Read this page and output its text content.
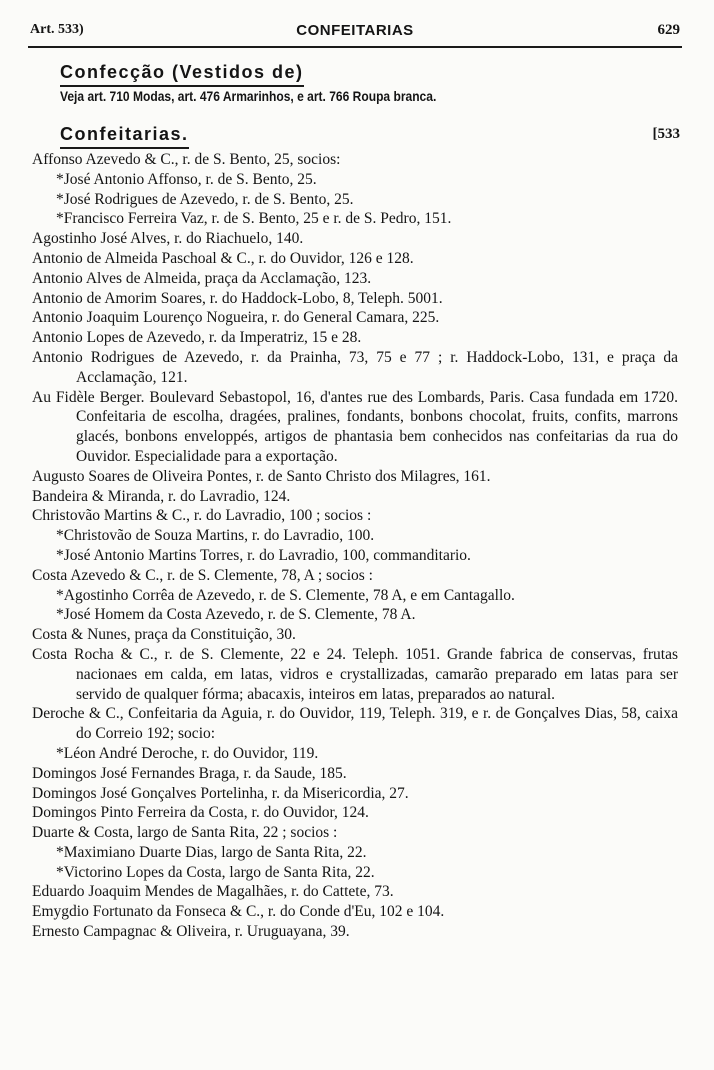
Art. 533)	CONFEITARIAS	629
Confecção (Vestidos de)
Veja art. 710 Modas, art. 476 Armarinhos, e art. 766 Roupa branca.
Confeitarias.	[533
Affonso Azevedo & C., r. de S. Bento, 25, socios:
*José Antonio Affonso, r. de S. Bento, 25.
*José Rodrigues de Azevedo, r. de S. Bento, 25.
*Francisco Ferreira Vaz, r. de S. Bento, 25 e r. de S. Pedro, 151.
Agostinho José Alves, r. do Riachuelo, 140.
Antonio de Almeida Paschoal & C., r. do Ouvidor, 126 e 128.
Antonio Alves de Almeida, praça da Acclamação, 123.
Antonio de Amorim Soares, r. do Haddock-Lobo, 8, Teleph. 5001.
Antonio Joaquim Lourenço Nogueira, r. do General Camara, 225.
Antonio Lopes de Azevedo, r. da Imperatriz, 15 e 28.
Antonio Rodrigues de Azevedo, r. da Prainha, 73, 75 e 77 ; r. Haddock-Lobo, 131, e praça da Acclamação, 121.
Au Fidèle Berger. Boulevard Sebastopol, 16, d'antes rue des Lombards, Paris. Casa fundada em 1720. Confeitaria de escolha, dragées, pralines, fondants, bonbons chocolat, fruits, confits, marrons glacés, bonbons enveloppés, artigos de phantasia bem conhecidos nas confeitarias da rua do Ouvidor. Especialidade para a exportação.
Augusto Soares de Oliveira Pontes, r. de Santo Christo dos Milagres, 161.
Bandeira & Miranda, r. do Lavradio, 124.
Christovão Martins & C., r. do Lavradio, 100 ; socios :
*Christovão de Souza Martins, r. do Lavradio, 100.
*José Antonio Martins Torres, r. do Lavradio, 100, commanditario.
Costa Azevedo & C., r. de S. Clemente, 78, A ; socios :
*Agostinho Corrêa de Azevedo, r. de S. Clemente, 78 A, e em Cantagallo.
*José Homem da Costa Azevedo, r. de S. Clemente, 78 A.
Costa & Nunes, praça da Constituição, 30.
Costa Rocha & C., r. de S. Clemente, 22 e 24. Teleph. 1051. Grande fabrica de conservas, frutas nacionaes em calda, em latas, vidros e crystallizadas, camarão preparado em latas para ser servido de qualquer fórma; abacaxis, inteiros em latas, preparados ao natural.
Deroche & C., Confeitaria da Aguia, r. do Ouvidor, 119, Teleph. 319, e r. de Gonçalves Dias, 58, caixa do Correio 192; socio:
*Léon André Deroche, r. do Ouvidor, 119.
Domingos José Fernandes Braga, r. da Saude, 185.
Domingos José Gonçalves Portelinha, r. da Misericordia, 27.
Domingos Pinto Ferreira da Costa, r. do Ouvidor, 124.
Duarte & Costa, largo de Santa Rita, 22 ; socios :
*Maximiano Duarte Dias, largo de Santa Rita, 22.
*Victorino Lopes da Costa, largo de Santa Rita, 22.
Eduardo Joaquim Mendes de Magalhães, r. do Cattete, 73.
Emygdio Fortunato da Fonseca & C., r. do Conde d'Eu, 102 e 104.
Ernesto Campagnac & Oliveira, r. Uruguayana, 39.
